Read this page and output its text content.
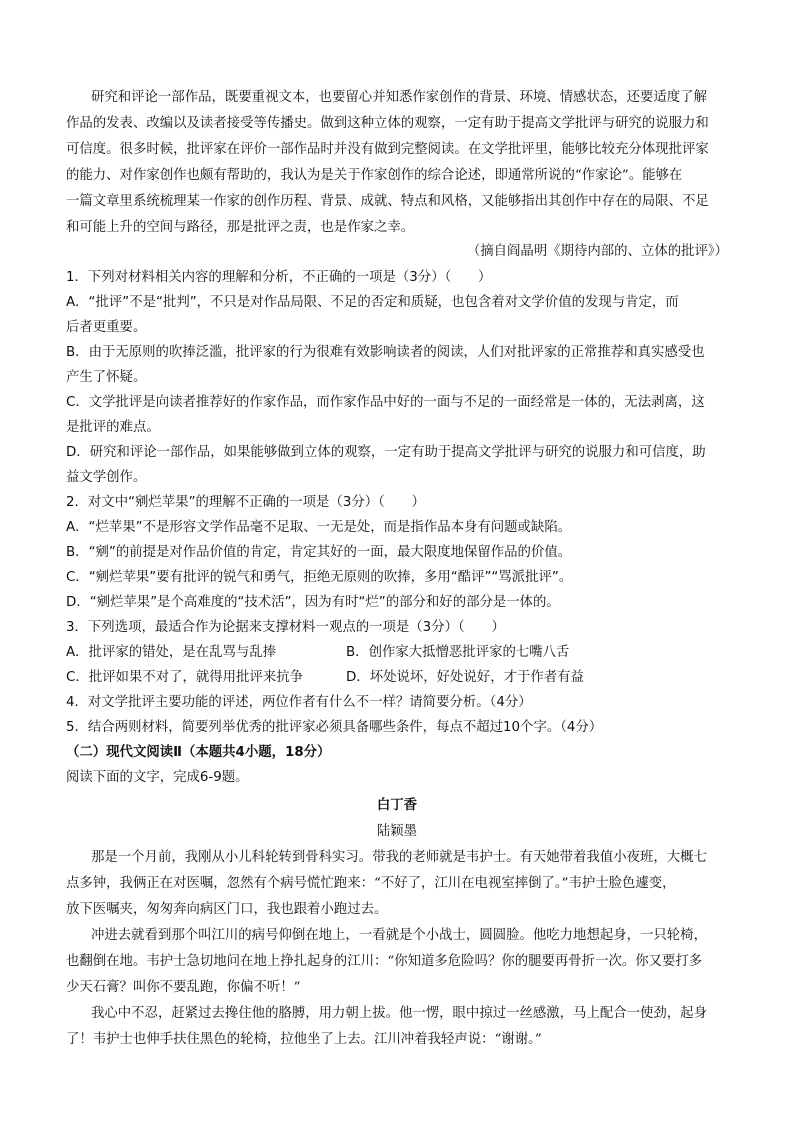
研究和评论一部作品，既要重视文本，也要留心并知悉作家创作的背景、环境、情感状态，还要适度了解
作品的发表、改编以及读者接受等传播史。做到这种立体的观察，一定有助于提高文学批评与研究的说服力和
可信度。很多时候，批评家在评价一部作品时并没有做到完整阅读。在文学批评里，能够比较充分体现批评家
的能力、对作家创作也颇有帮助的，我认为是关于作家创作的综合论述，即通常所说的“作家论”。能够在
一篇文章里系统梳理某一作家的创作历程、背景、成就、特点和风格，又能够指出其创作中存在的局限、不足
和可能上升的空间与路径，那是批评之责，也是作家之幸。
（摘自阎晶明《期待内部的、立体的批评》）
1．下列对材料相关内容的理解和分析，不正确的一项是（3分）（　　）
A．“批评”不是“批判”，不只是对作品局限、不足的否定和质疑，也包含着对文学价值的发现与肯定，而
后者更重要。
B．由于无原则的吹捧泛滥，批评家的行为很难有效影响读者的阅读，人们对批评家的正常推荐和真实感受也
产生了怀疑。
C．文学批评是向读者推荐好的作家作品，而作家作品中好的一面与不足的一面经常是一体的，无法剥离，这
是批评的难点。
D．研究和评论一部作品，如果能够做到立体的观察，一定有助于提高文学批评与研究的说服力和可信度，助
益文学创作。
2．对文中“剜烂苹果”的理解不正确的一项是（3分）（　　）
A．“烂苹果”不是形容文学作品毫不足取、一无是处，而是指作品本身有问题或缺陷。
B．“剜”的前提是对作品价值的肯定，肯定其好的一面，最大限度地保留作品的价值。
C．“剜烂苹果”要有批评的锐气和勇气，拒绝无原则的吹捧，多用“酷评”“骂派批评”。
D．“剜烂苹果”是个高难度的“技术活”，因为有时“烂”的部分和好的部分是一体的。
3．下列选项，最适合作为论据来支撑材料一观点的一项是（3分）（　　）
A．批评家的错处，是在乱骂与乱捧	B．创作家大抵憎恶批评家的七嘴八舌
C．批评如果不对了，就得用批评来抗争	D．坏处说坏，好处说好，才于作者有益
4．对文学批评主要功能的评述，两位作者有什么不一样？请简要分析。（4分）
5．结合两则材料，简要列举优秀的批评家必须具备哪些条件，每点不超过10个字。（4分）
（二）现代文阅读Ⅱ（本题共4小题，18分）
阅读下面的文字，完成6-9题。
白丁香
陆颖墨
那是一个月前，我刚从小儿科轮转到骨科实习。带我的老师就是韦护士。有天她带着我值小夜班，大概七
点多钟，我俩正在对医嘱，忽然有个病号慌忙跑来：“不好了，江川在电视室摔倒了。”韦护士脸色遽变，
放下医嘱夹，匆匆奔向病区门口，我也跟着小跑过去。
冲进去就看到那个叫江川的病号仰倒在地上，一看就是个小战士，圆圆脸。他吃力地想起身，一只轮椅，
也翻倒在地。韦护士急切地问在地上挣扎起身的江川：“你知道多危险吗？你的腿要再骨折一次。你又要打多
少天石膏？叫你不要乱跑，你偏不听！”
我心中不忍，赶紧过去搀住他的胳膊，用力朝上拔。他一愣，眼中掠过一丝感激，马上配合一使劲，起身
了！韦护士也伸手扶住黑色的轮椅，拉他坐了上去。江川冲着我轻声说：“谢谢。”
